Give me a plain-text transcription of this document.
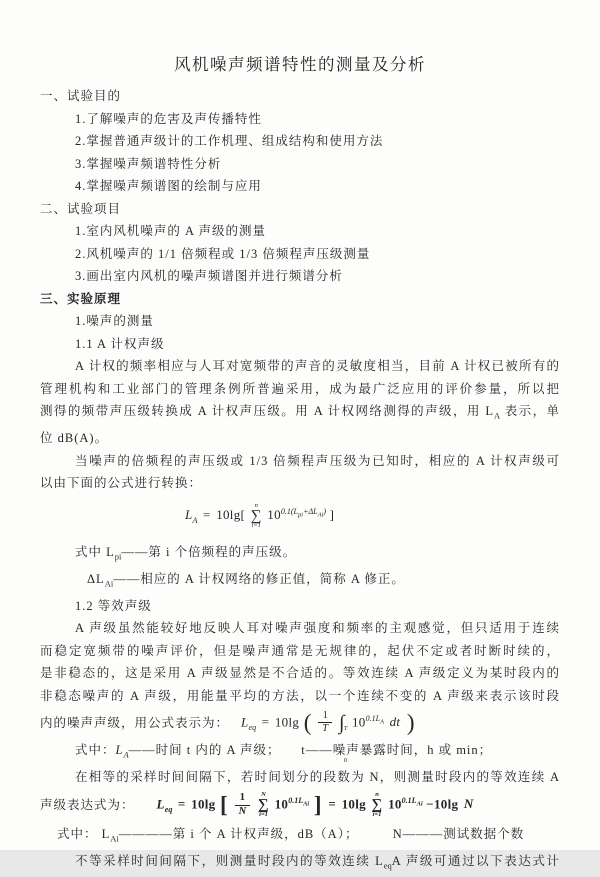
风机噪声频谱特性的测量及分析
一、试验目的
1.了解噪声的危害及声传播特性
2.掌握普通声级计的工作机理、组成结构和使用方法
3.掌握噪声频谱特性分析
4.掌握噪声频谱图的绘制与应用
二、试验项目
1.室内风机噪声的 A 声级的测量
2.风机噪声的 1/1 倍频程或 1/3 倍频程声压级测量
3.画出室内风机的噪声频谱图并进行频谱分析
三、实验原理
1.噪声的测量
1.1 A 计权声级
A 计权的频率相应与人耳对宽频带的声音的灵敏度相当，目前 A 计权已被所有的
管理机构和工业部门的管理条例所普遍采用，成为最广泛应用的评价参量，所以把
测得的频带声压级转换成 A 计权声压级。用 A 计权网络测得的声级，用 $L_A$ 表示，单
位 dB(A)。
当噪声的倍频程的声压级或 1/3 倍频程声压级为已知时，相应的 A 计权声级可
以由下面的公式进行转换：
$L_A = 10\lg$[
n
∑
i=1
$10^{0.1(L_{pi}+\Delta L_{Ai})}$ ]
式中 $L_{pi}——$第 i 个倍频程的声压级。
$\Delta L_{Ai}——$相应的 A 计权网络的修正值，简称 A 修正。
1.2 等效声级
A 声级虽然能较好地反映人耳对噪声强度和频率的主观感觉，但只适用于连续
而稳定宽频带的噪声评价，但是噪声通常是无规律的，起伏不定或者时断时续的，
是非稳态的，这是采用 A 声级显然是不合适的。等效连续 A 声级定义为某时段内的
非稳态噪声的 A 声级，用能量平均的方法，以一个连续不变的 A 声级来表示该时段
内的噪声声级，用公式表示为： $L_{eq} = 10\lg$ ( $\frac{1}{T}$
∫ T
0
$10^{0.1L_A}$ dt )
式中：$L_A——$时间 t 内的 A 声级；　　t——噪声暴露时间，h 或 min；
在相等的采样时间间隔下，若时间划分的段数为 N，则测量时段内的等效连续 A
声级表达式为： $L_{eq} = 10\lg$ [ $\frac{1}{N}$
N
∑
i=1
$10^{0.1L_{Ai}}$ ] = 10lg
n
∑
i=1
$10^{0.1L_{Ai}} -10\lg$ N
式中： $L_{Ai}————$第 i 个 A 计权声级，dB（A）；　　　N———测试数据个数
不等采样时间间隔下，则测量时段内的等效连续 $L_{eq}A$ 声级可通过以下表达式计
